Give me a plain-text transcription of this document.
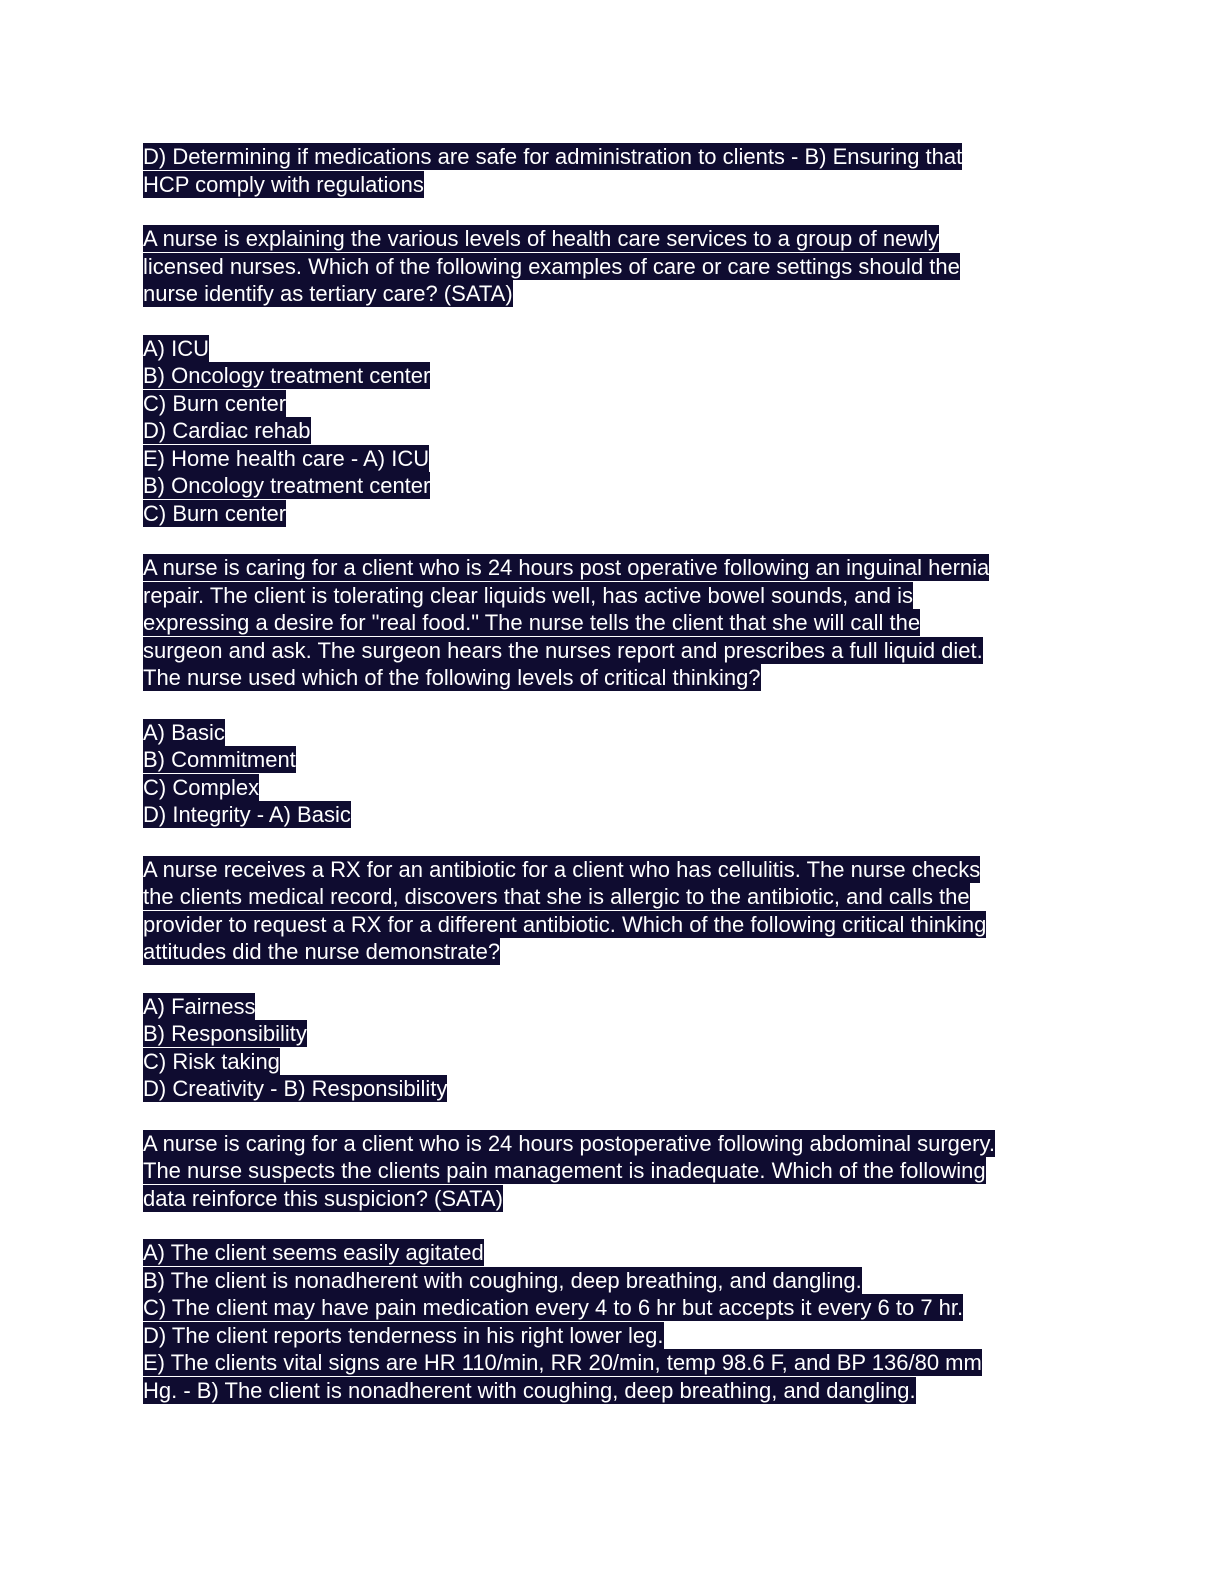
D) Determining if medications are safe for administration to clients - B) Ensuring that
HCP comply with regulations
A nurse is explaining the various levels of health care services to a group of newly
licensed nurses. Which of the following examples of care or care settings should the
nurse identify as tertiary care? (SATA)
A) ICU
B) Oncology treatment center
C) Burn center
D) Cardiac rehab
E) Home health care - A) ICU
B) Oncology treatment center
C) Burn center
A nurse is caring for a client who is 24 hours post operative following an inguinal hernia
repair. The client is tolerating clear liquids well, has active bowel sounds, and is
expressing a desire for "real food." The nurse tells the client that she will call the
surgeon and ask. The surgeon hears the nurses report and prescribes a full liquid diet.
The nurse used which of the following levels of critical thinking?
A) Basic
B) Commitment
C) Complex
D) Integrity - A) Basic
A nurse receives a RX for an antibiotic for a client who has cellulitis. The nurse checks
the clients medical record, discovers that she is allergic to the antibiotic, and calls the
provider to request a RX for a different antibiotic. Which of the following critical thinking
attitudes did the nurse demonstrate?
A) Fairness
B) Responsibility
C) Risk taking
D) Creativity - B) Responsibility
A nurse is caring for a client who is 24 hours postoperative following abdominal surgery.
The nurse suspects the clients pain management is inadequate. Which of the following
data reinforce this suspicion? (SATA)
A) The client seems easily agitated
B) The client is nonadherent with coughing, deep breathing, and dangling.
C) The client may have pain medication every 4 to 6 hr but accepts it every 6 to 7 hr.
D) The client reports tenderness in his right lower leg.
E) The clients vital signs are HR 110/min, RR 20/min, temp 98.6 F, and BP 136/80 mm
Hg. - B) The client is nonadherent with coughing, deep breathing, and dangling.
